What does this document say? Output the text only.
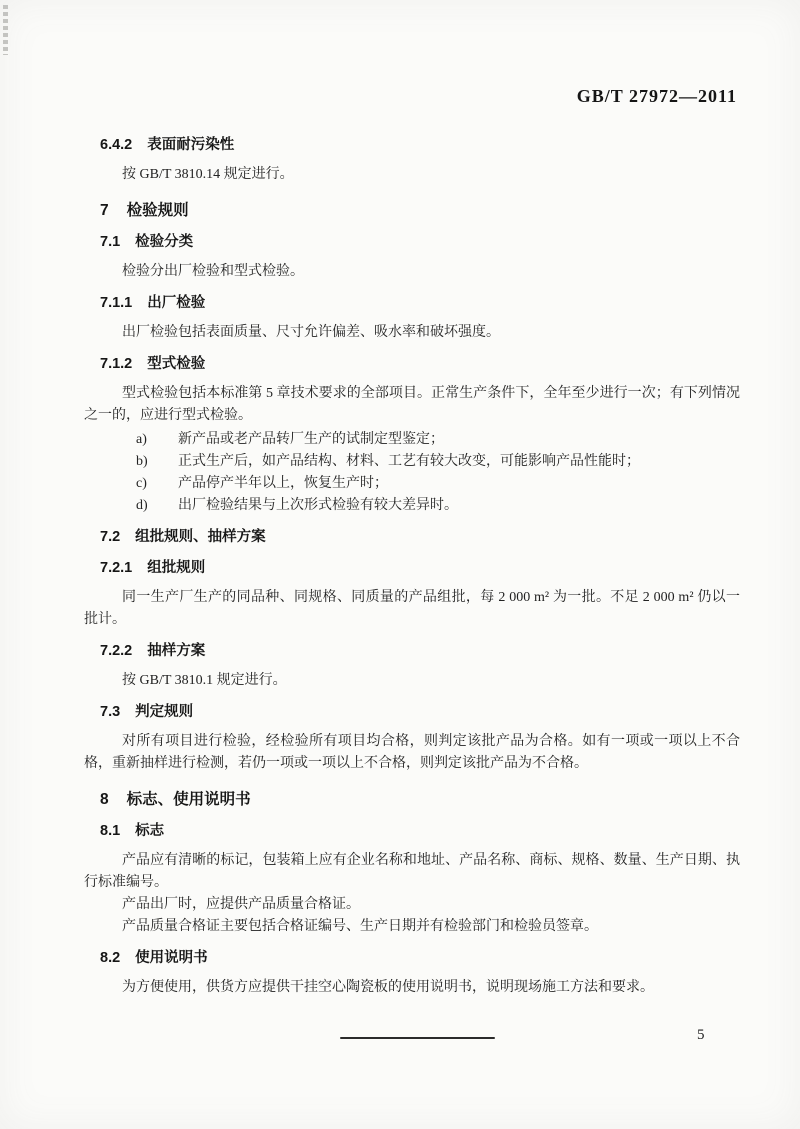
GB/T 27972—2011
6.4.2 表面耐污染性

按 GB/T 3810.14 规定进行。

7 检验规则
7.1 检验分类

检验分出厂检验和型式检验。

7.1.1 出厂检验

出厂检验包括表面质量、尺寸允许偏差、吸水率和破坏强度。

7.1.2 型式检验

型式检验包括本标准第 5 章技术要求的全部项目。正常生产条件下，全年至少进行一次；有下列情况之一的，应进行型式检验。

a)	新产品或老产品转厂生产的试制定型鉴定；
b)	正式生产后，如产品结构、材料、工艺有较大改变，可能影响产品性能时；
c)	产品停产半年以上，恢复生产时；
d)	出厂检验结果与上次形式检验有较大差异时。
7.2 组批规则、抽样方案
7.2.1 组批规则

同一生产厂生产的同品种、同规格、同质量的产品组批，每 2 000 m² 为一批。不足 2 000 m² 仍以一批计。

7.2.2 抽样方案

按 GB/T 3810.1 规定进行。

7.3 判定规则

对所有项目进行检验，经检验所有项目均合格，则判定该批产品为合格。如有一项或一项以上不合格，重新抽样进行检测，若仍一项或一项以上不合格，则判定该批产品为不合格。

8 标志、使用说明书
8.1 标志

产品应有清晰的标记，包装箱上应有企业名称和地址、产品名称、商标、规格、数量、生产日期、执行标准编号。

产品出厂时，应提供产品质量合格证。

产品质量合格证主要包括合格证编号、生产日期并有检验部门和检验员签章。

8.2 使用说明书

为方便使用，供货方应提供干挂空心陶瓷板的使用说明书，说明现场施工方法和要求。

5
